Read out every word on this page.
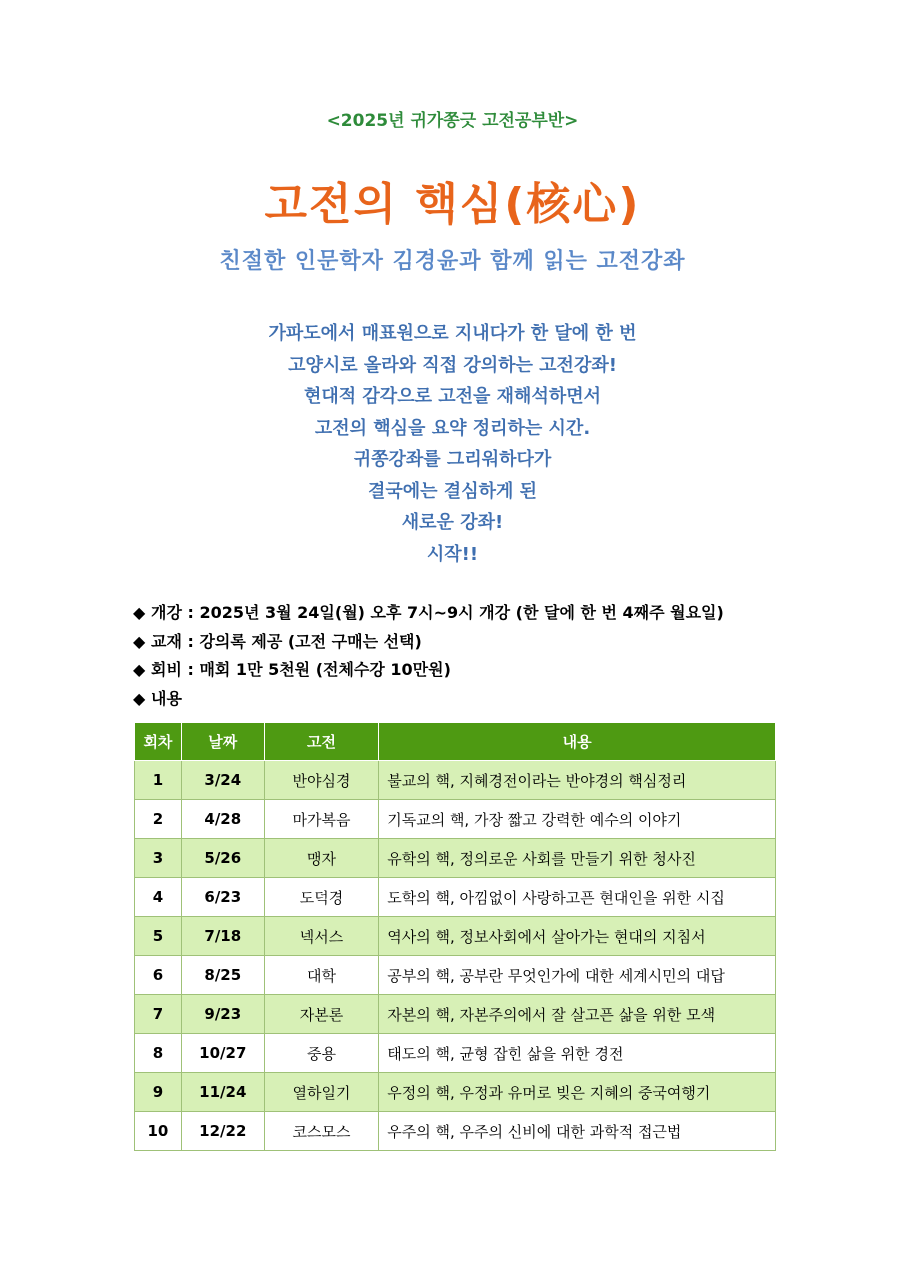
<2025년 귀가쫑긋 고전공부반>
고전의 핵심(核心)
친절한 인문학자 김경윤과 함께 읽는 고전강좌
가파도에서 매표원으로 지내다가 한 달에 한 번
고양시로 올라와 직접 강의하는 고전강좌!
현대적 감각으로 고전을 재해석하면서
고전의 핵심을 요약 정리하는 시간.
귀쫑강좌를 그리워하다가
결국에는 결심하게 된
새로운 강좌!
시작!!
◆ 개강 : 2025년 3월 24일(월) 오후 7시~9시 개강 (한 달에 한 번 4째주 월요일)
◆ 교재 : 강의록 제공 (고전 구매는 선택)
◆ 회비 : 매회 1만 5천원 (전체수강 10만원)
◆ 내용
회차	날짜	고전	내용
1	3/24	반야심경	불교의 핵, 지혜경전이라는 반야경의 핵심정리
2	4/28	마가복음	기독교의 핵, 가장 짧고 강력한 예수의 이야기
3	5/26	맹자	유학의 핵, 정의로운 사회를 만들기 위한 청사진
4	6/23	도덕경	도학의 핵, 아낌없이 사랑하고픈 현대인을 위한 시집
5	7/18	넥서스	역사의 핵, 정보사회에서 살아가는 현대의 지침서
6	8/25	대학	공부의 핵, 공부란 무엇인가에 대한 세계시민의 대답
7	9/23	자본론	자본의 핵, 자본주의에서 잘 살고픈 삶을 위한 모색
8	10/27	중용	태도의 핵, 균형 잡힌 삶을 위한 경전
9	11/24	열하일기	우정의 핵, 우정과 유머로 빚은 지혜의 중국여행기
10	12/22	코스모스	우주의 핵, 우주의 신비에 대한 과학적 접근법
